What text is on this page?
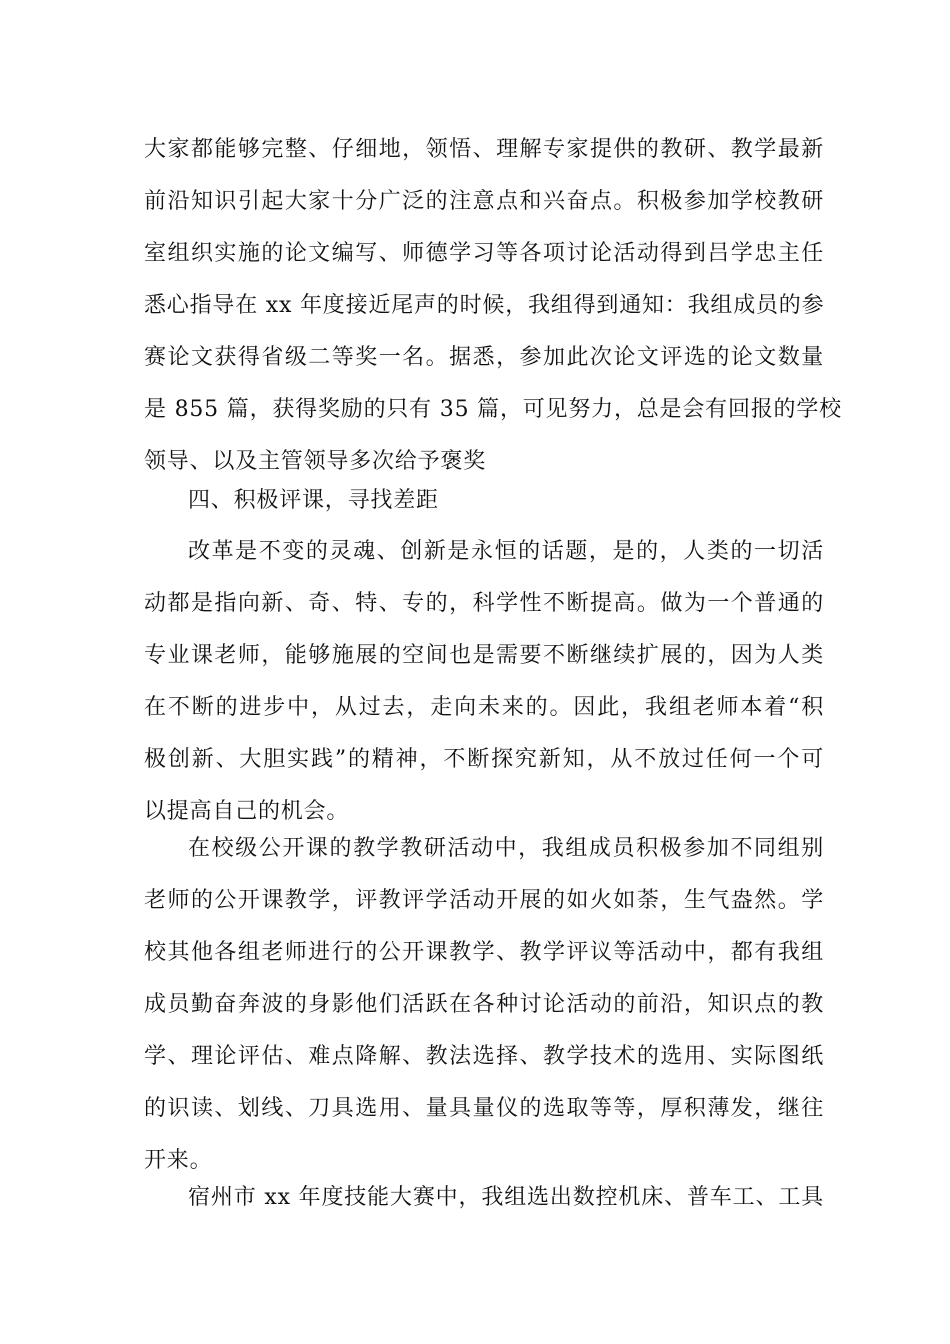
大家都能够完整、仔细地，领悟、理解专家提供的教研、教学最新
前沿知识引起大家十分广泛的注意点和兴奋点。积极参加学校教研
室组织实施的论文编写、师德学习等各项讨论活动得到吕学忠主任
悉心指导在 xx 年度接近尾声的时候，我组得到通知：我组成员的参
赛论文获得省级二等奖一名。据悉，参加此次论文评选的论文数量
是 855 篇，获得奖励的只有 35 篇，可见努力，总是会有回报的学校
领导、以及主管领导多次给予褒奖
四、积极评课，寻找差距
改革是不变的灵魂、创新是永恒的话题，是的，人类的一切活
动都是指向新、奇、特、专的，科学性不断提高。做为一个普通的
专业课老师，能够施展的空间也是需要不断继续扩展的，因为人类
在不断的进步中，从过去，走向未来的。因此，我组老师本着“积
极创新、大胆实践”的精神，不断探究新知，从不放过任何一个可
以提高自己的机会。
在校级公开课的教学教研活动中，我组成员积极参加不同组别
老师的公开课教学，评教评学活动开展的如火如荼，生气盎然。学
校其他各组老师进行的公开课教学、教学评议等活动中，都有我组
成员勤奋奔波的身影他们活跃在各种讨论活动的前沿，知识点的教
学、理论评估、难点降解、教法选择、教学技术的选用、实际图纸
的识读、划线、刀具选用、量具量仪的选取等等，厚积薄发，继往
开来。
宿州市 xx 年度技能大赛中，我组选出数控机床、普车工、工具
